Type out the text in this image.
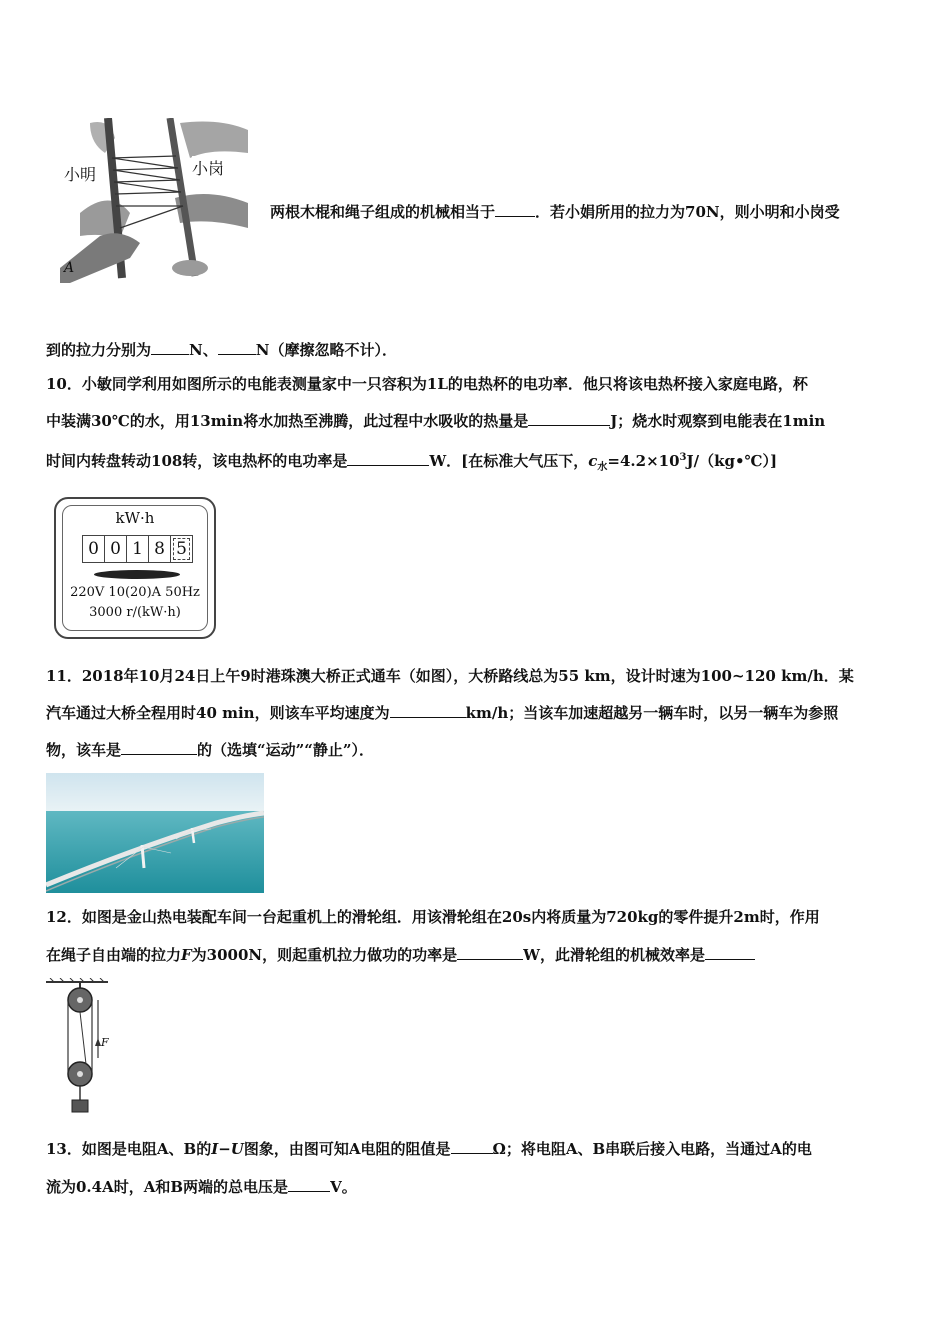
小明	小岗
A
两根木棍和绳子组成的机械相当于	．若小娟所用的拉力为70N，则小明和小岗受
到的拉力分别为	N、	N（摩擦忽略不计）．
10．小敏同学利用如图所示的电能表测量家中一只容积为1L的电热杯的电功率．他只将该电热杯接入家庭电路，杯
中装满30℃的水，用13min将水加热至沸腾，此过程中水吸收的热量是	J；烧水时观察到电能表在1min
时间内转盘转动108转，该电热杯的电功率是	W．[在标准大气压下，$c_水=4.2\times 10^3J/(kg•℃)$]
kW·h
0 0 1 8 5
220V 10(20)A 50Hz
3000 r/(kW·h)
11．2018年10月24日上午9时港珠澳大桥正式通车（如图），大桥路线总为55 km，设计时速为100~120 km/h．某
汽车通过大桥全程用时40 min，则该车平均速度为	km/h；当该车加速超越另一辆车时，以另一辆车为参照
物，该车是	的（选填“运动”“静止”）．
12．如图是金山热电装配车间一台起重机上的滑轮组．用该滑轮组在20s内将质量为720kg的零件提升2m时，作用
在绳子自由端的拉力F为3000N，则起重机拉力做功的功率是	W，此滑轮组的机械效率是
F
13．如图是电阻A、B的I−U图象，由图可知A电阻的阻值是	Ω；将电阻A、B串联后接入电路，当通过A的电
流为0.4A时，A和B两端的总电压是	V。
